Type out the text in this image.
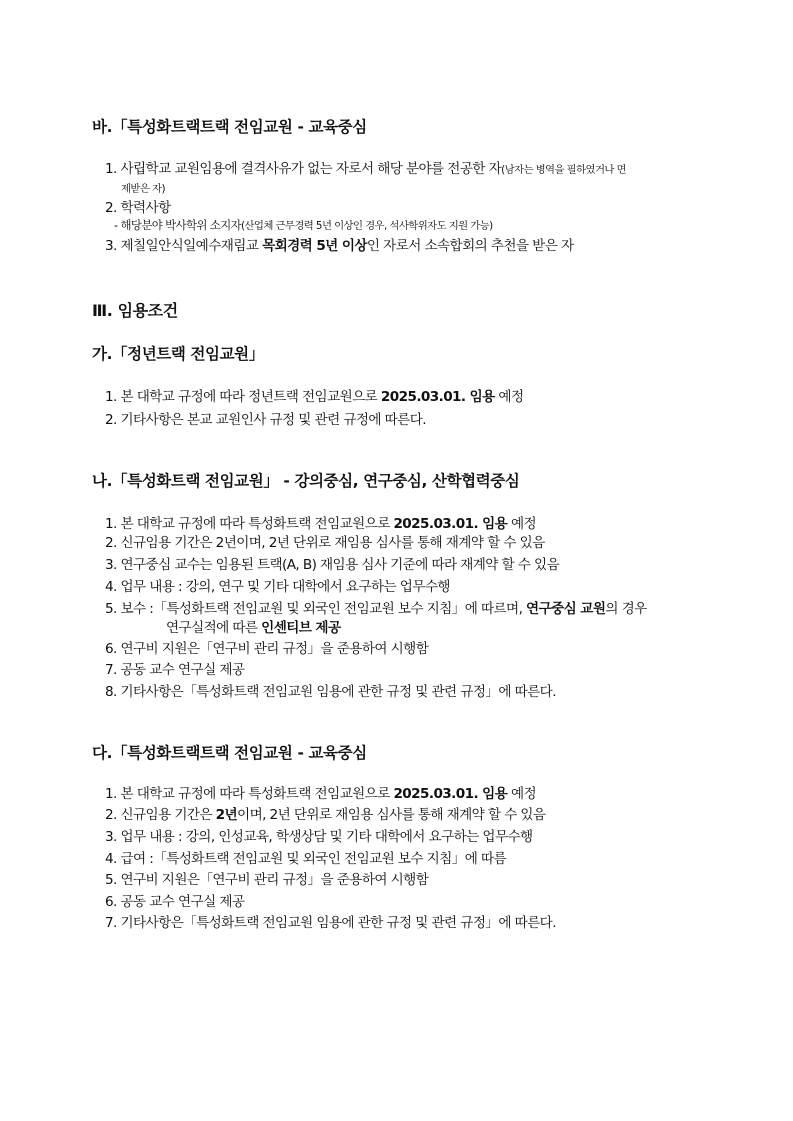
바.「특성화트랙트랙 전임교원 - 교육중심
1. 사립학교 교원임용에 결격사유가 없는 자로서 해당 분야를 전공한 자(남자는 병역을 필하였거나 면
제받은 자)
2. 학력사항
- 해당분야 박사학위 소지자(산업체 근무경력 5년 이상인 경우, 석사학위자도 지원 가능)
3. 제칠일안식일예수재림교 목회경력 5년 이상인 자로서 소속합회의 추천을 받은 자
Ⅲ. 임용조건
가.「정년트랙 전임교원」
1. 본 대학교 규정에 따라 정년트랙 전임교원으로 2025.03.01. 임용 예정
2. 기타사항은 본교 교원인사 규정 및 관련 규정에 따른다.
나.「특성화트랙 전임교원」 - 강의중심, 연구중심, 산학협력중심
1. 본 대학교 규정에 따라 특성화트랙 전임교원으로 2025.03.01. 임용 예정
2. 신규임용 기간은 2년이며, 2년 단위로 재임용 심사를 통해 재계약 할 수 있음
3. 연구중심 교수는 임용된 트랙(A, B) 재임용 심사 기준에 따라 재계약 할 수 있음
4. 업무 내용 : 강의, 연구 및 기타 대학에서 요구하는 업무수행
5. 보수 :「특성화트랙 전임교원 및 외국인 전임교원 보수 지침」에 따르며, 연구중심 교원의 경우
연구실적에 따른 인센티브 제공
6. 연구비 지원은「연구비 관리 규정」을 준용하여 시행함
7. 공동 교수 연구실 제공
8. 기타사항은「특성화트랙 전임교원 임용에 관한 규정 및 관련 규정」에 따른다.
다.「특성화트랙트랙 전임교원 - 교육중심
1. 본 대학교 규정에 따라 특성화트랙 전임교원으로 2025.03.01. 임용 예정
2. 신규임용 기간은 2년이며, 2년 단위로 재임용 심사를 통해 재계약 할 수 있음
3. 업무 내용 : 강의, 인성교육, 학생상담 및 기타 대학에서 요구하는 업무수행
4. 급여 :「특성화트랙 전임교원 및 외국인 전임교원 보수 지침」에 따름
5. 연구비 지원은「연구비 관리 규정」을 준용하여 시행함
6. 공동 교수 연구실 제공
7. 기타사항은「특성화트랙 전임교원 임용에 관한 규정 및 관련 규정」에 따른다.
